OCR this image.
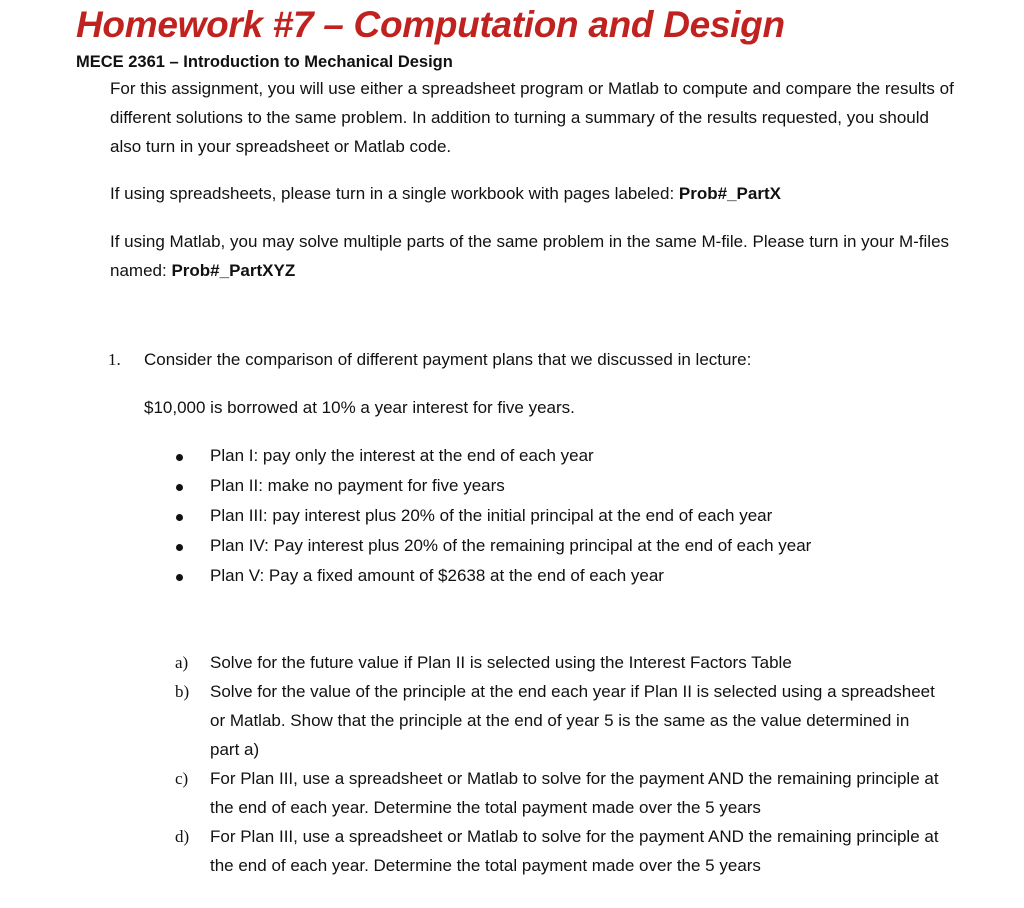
Homework #7 – Computation and Design
MECE 2361 – Introduction to Mechanical Design

For this assignment, you will use either a spreadsheet program or Matlab to compute and compare the results of different solutions to the same problem. In addition to turning a summary of the results requested, you should also turn in your spreadsheet or Matlab code.

If using spreadsheets, please turn in a single workbook with pages labeled: Prob#_PartX

If using Matlab, you may solve multiple parts of the same problem in the same M-file. Please turn in your M-files named: Prob#_PartXYZ

1. Consider the comparison of different payment plans that we discussed in lecture:
$10,000 is borrowed at 10% a year interest for five years.
Plan I: pay only the interest at the end of each year
Plan II: make no payment for five years
Plan III: pay interest plus 20% of the initial principal at the end of each year
Plan IV: Pay interest plus 20% of the remaining principal at the end of each year
Plan V: Pay a fixed amount of $2638 at the end of each year
a) Solve for the future value if Plan II is selected using the Interest Factors Table
b) Solve for the value of the principle at the end each year if Plan II is selected using a spreadsheet or Matlab. Show that the principle at the end of year 5 is the same as the value determined in part a)
c) For Plan III, use a spreadsheet or Matlab to solve for the payment AND the remaining principle at the end of each year. Determine the total payment made over the 5 years
d) For Plan III, use a spreadsheet or Matlab to solve for the payment AND the remaining principle at the end of each year. Determine the total payment made over the 5 years
